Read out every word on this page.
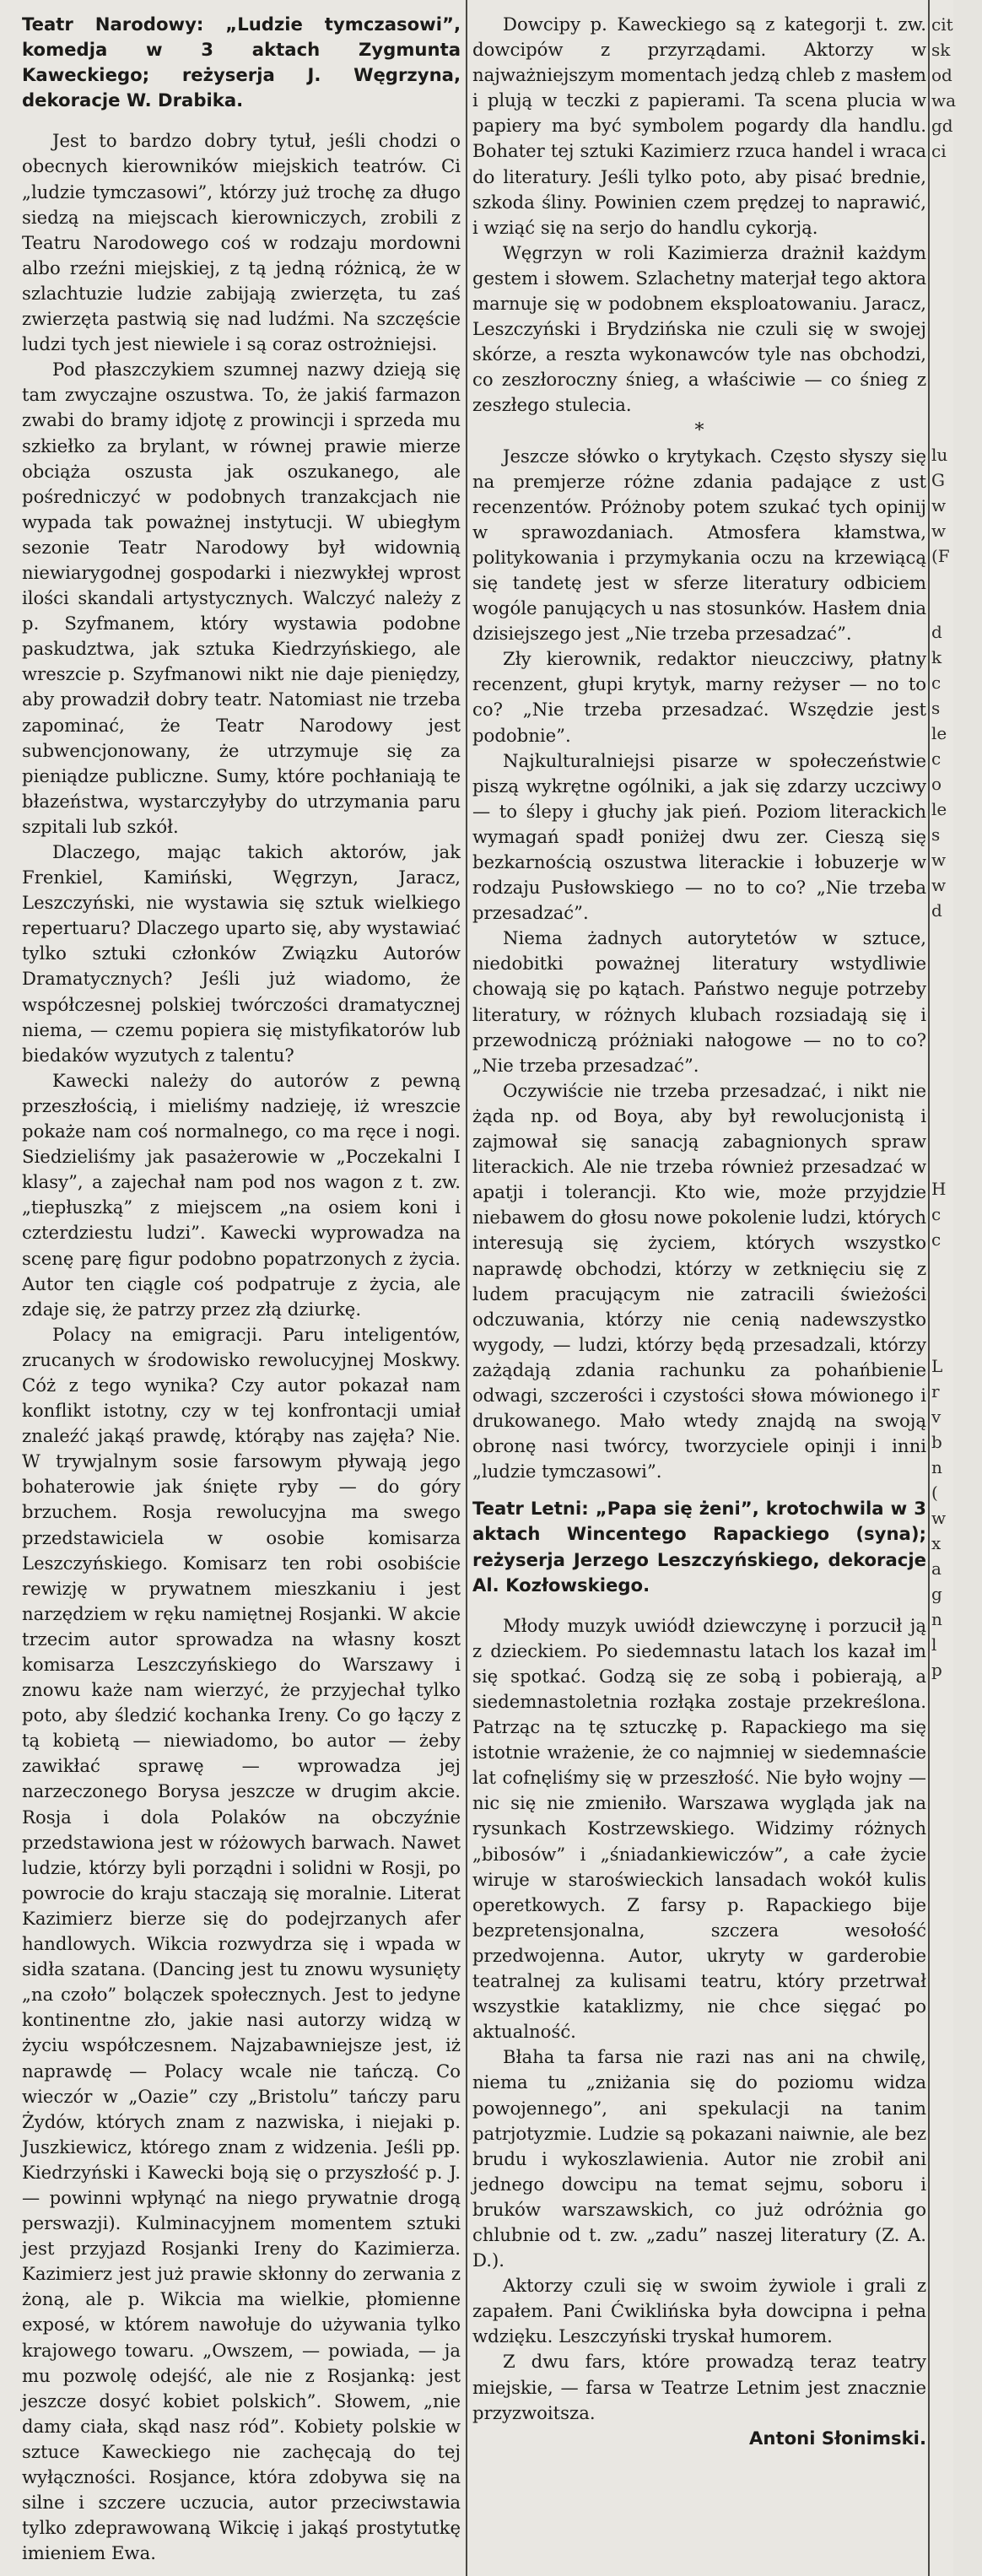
Teatr Narodowy: „Ludzie tymczasowi”, komedja w 3 aktach Zygmunta Kaweckiego; reżyserja J. Węgrzyna, dekoracje W. Drabika.

Jest to bardzo dobry tytuł, jeśli chodzi o obecnych kierowników miejskich teatrów. Ci „ludzie tymczasowi”, którzy już trochę za długo siedzą na miejscach kierowniczych, zrobili z Teatru Narodowego coś w rodzaju mordowni albo rzeźni miejskiej, z tą jedną różnicą, że w szlachtuzie ludzie zabijają zwierzęta, tu zaś zwierzęta pastwią się nad ludźmi. Na szczęście ludzi tych jest niewiele i są coraz ostrożniejsi.

Pod płaszczykiem szumnej nazwy dzieją się tam zwyczajne oszustwa. To, że jakiś farmazon zwabi do bramy idjotę z prowincji i sprzeda mu szkiełko za brylant, w równej prawie mierze obciąża oszusta jak oszukanego, ale pośredniczyć w podobnych tranzakcjach nie wypada tak poważnej instytucji. W ubiegłym sezonie Teatr Narodowy był widownią niewiarygodnej gospodarki i niezwykłej wprost ilości skandali artystycznych. Walczyć należy z p. Szyfmanem, który wystawia podobne paskudztwa, jak sztuka Kiedrzyńskiego, ale wreszcie p. Szyfmanowi nikt nie daje pieniędzy, aby prowadził dobry teatr. Natomiast nie trzeba zapominać, że Teatr Narodowy jest subwencjonowany, że utrzymuje się za pieniądze publiczne. Sumy, które pochłaniają te błazeństwa, wystarczyłyby do utrzymania paru szpitali lub szkół.

Dlaczego, mając takich aktorów, jak Frenkiel, Kamiński, Węgrzyn, Jaracz, Leszczyński, nie wystawia się sztuk wielkiego repertuaru? Dlaczego uparto się, aby wystawiać tylko sztuki członków Związku Autorów Dramatycznych? Jeśli już wiadomo, że współczesnej polskiej twórczości dramatycznej niema, — czemu popiera się mistyfikatorów lub biedaków wyzutych z talentu?

Kawecki należy do autorów z pewną przeszłością, i mieliśmy nadzieję, iż wreszcie pokaże nam coś normalnego, co ma ręce i nogi. Siedzieliśmy jak pasażerowie w „Poczekalni I klasy”, a zajechał nam pod nos wagon z t. zw. „tiepłuszką” z miejscem „na osiem koni i czterdziestu ludzi”. Kawecki wyprowadza na scenę parę figur podobno popatrzonych z życia. Autor ten ciągle coś podpatruje z życia, ale zdaje się, że patrzy przez złą dziurkę.

Polacy na emigracji. Paru inteligentów, zrucanych w środowisko rewolucyjnej Moskwy. Cóż z tego wynika? Czy autor pokazał nam konflikt istotny, czy w tej konfrontacji umiał znaleźć jakąś prawdę, którąby nas zajęła? Nie. W trywjalnym sosie farsowym pływają jego bohaterowie jak śnięte ryby — do góry brzuchem. Rosja rewolucyjna ma swego przedstawiciela w osobie komisarza Leszczyńskiego. Komisarz ten robi osobiście rewizję w prywatnem mieszkaniu i jest narzędziem w ręku namiętnej Rosjanki. W akcie trzecim autor sprowadza na własny koszt komisarza Leszczyńskiego do Warszawy i znowu każe nam wierzyć, że przyjechał tylko poto, aby śledzić kochanka Ireny. Co go łączy z tą kobietą — niewiadomo, bo autor — żeby zawikłać sprawę — wprowadza jej narzeczonego Borysa jeszcze w drugim akcie. Rosja i dola Polaków na obczyźnie przedstawiona jest w różowych barwach. Nawet ludzie, którzy byli porządni i solidni w Rosji, po powrocie do kraju staczają się moralnie. Literat Kazimierz bierze się do podejrzanych afer handlowych. Wikcia rozwydrza się i wpada w sidła szatana. (Dancing jest tu znowu wysunięty „na czoło” bolączek społecznych. Jest to jedyne kontinentne zło, jakie nasi autorzy widzą w życiu współczesnem. Najzabawniejsze jest, iż naprawdę — Polacy wcale nie tańczą. Co wieczór w „Oazie” czy „Bristolu” tańczy paru Żydów, których znam z nazwiska, i niejaki p. Juszkiewicz, którego znam z widzenia. Jeśli pp. Kiedrzyński i Kawecki boją się o przyszłość p. J. — powinni wpłynąć na niego prywatnie drogą perswazji). Kulminacyjnem momentem sztuki jest przyjazd Rosjanki Ireny do Kazimierza. Kazimierz jest już prawie skłonny do zerwania z żoną, ale p. Wikcia ma wielkie, płomienne exposé, w którem nawołuje do używania tylko krajowego towaru. „Owszem, — powiada, — ja mu pozwolę odejść, ale nie z Rosjanką: jest jeszcze dosyć kobiet polskich”. Słowem, „nie damy ciała, skąd nasz ród”. Kobiety polskie w sztuce Kaweckiego nie zachęcają do tej wyłączności. Rosjance, która zdobywa się na silne i szczere uczucia, autor przeciwstawia tylko zdeprawowaną Wikcię i jakąś prostytutkę imieniem Ewa.

Dowcipy p. Kaweckiego są z kategorji t. zw. dowcipów z przyrządami. Aktorzy w najważniejszym momentach jedzą chleb z masłem i plują w teczki z papierami. Ta scena plucia w papiery ma być symbolem pogardy dla handlu. Bohater tej sztuki Kazimierz rzuca handel i wraca do literatury. Jeśli tylko poto, aby pisać brednie, szkoda śliny. Powinien czem prędzej to naprawić, i wziąć się na serjo do handlu cykorją.

Węgrzyn w roli Kazimierza drażnił każdym gestem i słowem. Szlachetny materjał tego aktora marnuje się w podobnem eksploatowaniu. Jaracz, Leszczyński i Brydzińska nie czuli się w swojej skórze, a reszta wykonawców tyle nas obchodzi, co zeszłoroczny śnieg, a właściwie — co śnieg z zeszłego stulecia.

*

Jeszcze słówko o krytykach. Często słyszy się na premjerze różne zdania padające z ust recenzentów. Próżnoby potem szukać tych opinij w sprawozdaniach. Atmosfera kłamstwa, politykowania i przymykania oczu na krzewiącą się tandetę jest w sferze literatury odbiciem wogóle panujących u nas stosunków. Hasłem dnia dzisiejszego jest „Nie trzeba przesadzać”.

Zły kierownik, redaktor nieuczciwy, płatny recenzent, głupi krytyk, marny reżyser — no to co? „Nie trzeba przesadzać. Wszędzie jest podobnie”.

Najkulturalniejsi pisarze w społeczeństwie piszą wykrętne ogólniki, a jak się zdarzy uczciwy — to ślepy i głuchy jak pień. Poziom literackich wymagań spadł poniżej dwu zer. Cieszą się bezkarnością oszustwa literackie i łobuzerje w rodzaju Pusłowskiego — no to co? „Nie trzeba przesadzać”.

Niema żadnych autorytetów w sztuce, niedobitki poważnej literatury wstydliwie chowają się po kątach. Państwo neguje potrzeby literatury, w różnych klubach rozsiadają się i przewodniczą próżniaki nałogowe — no to co? „Nie trzeba przesadzać”.

Oczywiście nie trzeba przesadzać, i nikt nie żąda np. od Boya, aby był rewolucjonistą i zajmował się sanacją zabagnionych spraw literackich. Ale nie trzeba również przesadzać w apatji i tolerancji. Kto wie, może przyjdzie niebawem do głosu nowe pokolenie ludzi, których interesują się życiem, których wszystko naprawdę obchodzi, którzy w zetknięciu się z ludem pracującym nie zatracili świeżości odczuwania, którzy nie cenią nadewszystko wygody, — ludzi, którzy będą przesadzali, którzy zażądają zdania rachunku za pohańbienie odwagi, szczerości i czystości słowa mówionego i drukowanego. Mało wtedy znajdą na swoją obronę nasi twórcy, tworzyciele opinji i inni „ludzie tymczasowi”.

Teatr Letni: „Papa się żeni”, krotochwila w 3 aktach Wincentego Rapackiego (syna); reżyserja Jerzego Leszczyńskiego, dekoracje Al. Kozłowskiego.

Młody muzyk uwiódł dziewczynę i porzucił ją z dzieckiem. Po siedemnastu latach los kazał im się spotkać. Godzą się ze sobą i pobierają, a siedemnastoletnia rozłąka zostaje przekreślona. Patrząc na tę sztuczkę p. Rapackiego ma się istotnie wrażenie, że co najmniej w siedemnaście lat cofnęliśmy się w przeszłość. Nie było wojny — nic się nie zmieniło. Warszawa wygląda jak na rysunkach Kostrzewskiego. Widzimy różnych „bibosów” i „śniadankiewiczów”, a całe życie wiruje w staroświeckich lansadach wokół kulis operetkowych. Z farsy p. Rapackiego bije bezpretensjonalna, szczera wesołość przedwojenna. Autor, ukryty w garderobie teatralnej za kulisami teatru, który przetrwał wszystkie kataklizmy, nie chce sięgać po aktualność.

Błaha ta farsa nie razi nas ani na chwilę, niema tu „zniżania się do poziomu widza powojennego”, ani spekulacji na tanim patrjotyzmie. Ludzie są pokazani naiwnie, ale bez brudu i wykoszlawienia. Autor nie zrobił ani jednego dowcipu na temat sejmu, soboru i bruków warszawskich, co już odróżnia go chlubnie od t. zw. „zadu” naszej literatury (Z. A. D.).

Aktorzy czuli się w swoim żywiole i grali z zapałem. Pani Ćwiklińska była dowcipna i pełna wdzięku. Leszczyński tryskał humorem.

Z dwu fars, które prowadzą teraz teatry miejskie, — farsa w Teatrze Letnim jest znacznie przyzwoitsza.

Antoni Słonimski.

cit
sk
od
wa
gd
ci
lu
G
w
w
(F
d
k
c
s
le
c
o
le
s
w
w
d
H
c
c
L
r
v
b
n
(
w
x
a
g
n
l
p
